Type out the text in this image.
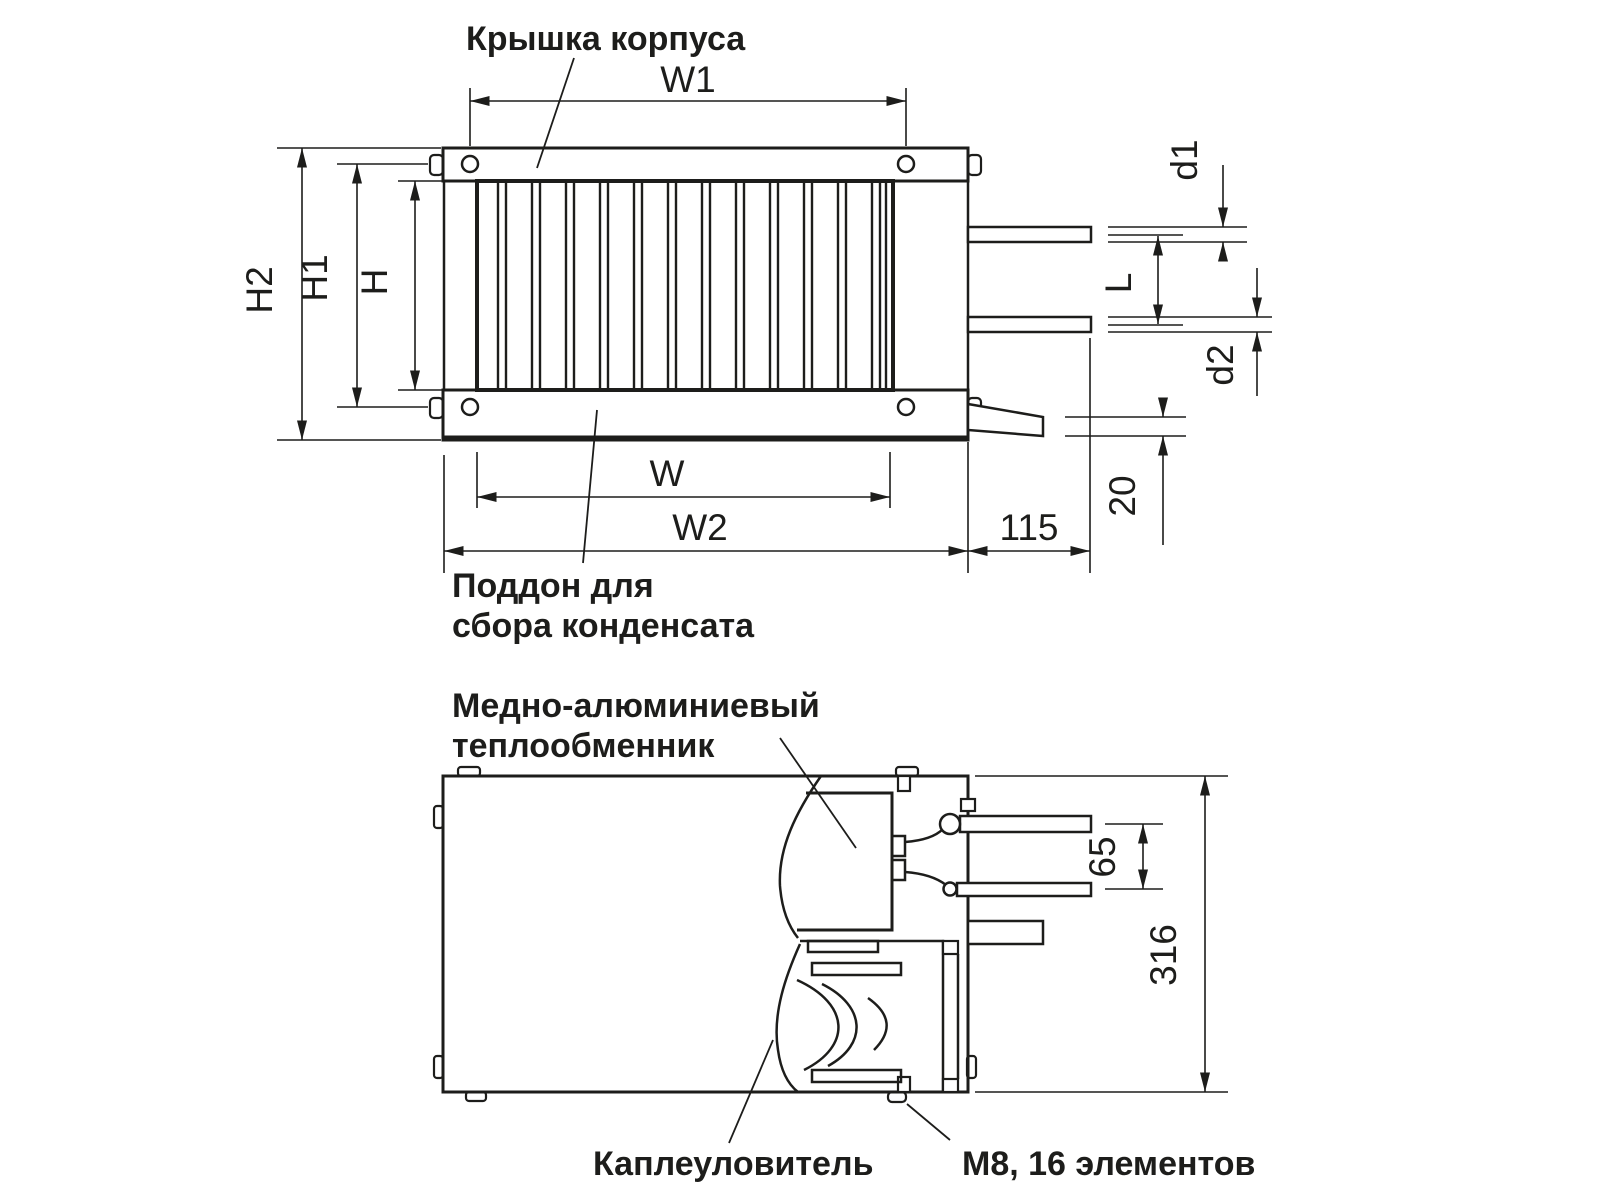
W1
H2 H1 H
d1
L
d2
20
W
W2	115
Крышка корпуса
Поддон для
сбора конденсата
65
316
Медно-алюминиевый
теплообменник
Каплеуловитель	М8, 16 элементов
